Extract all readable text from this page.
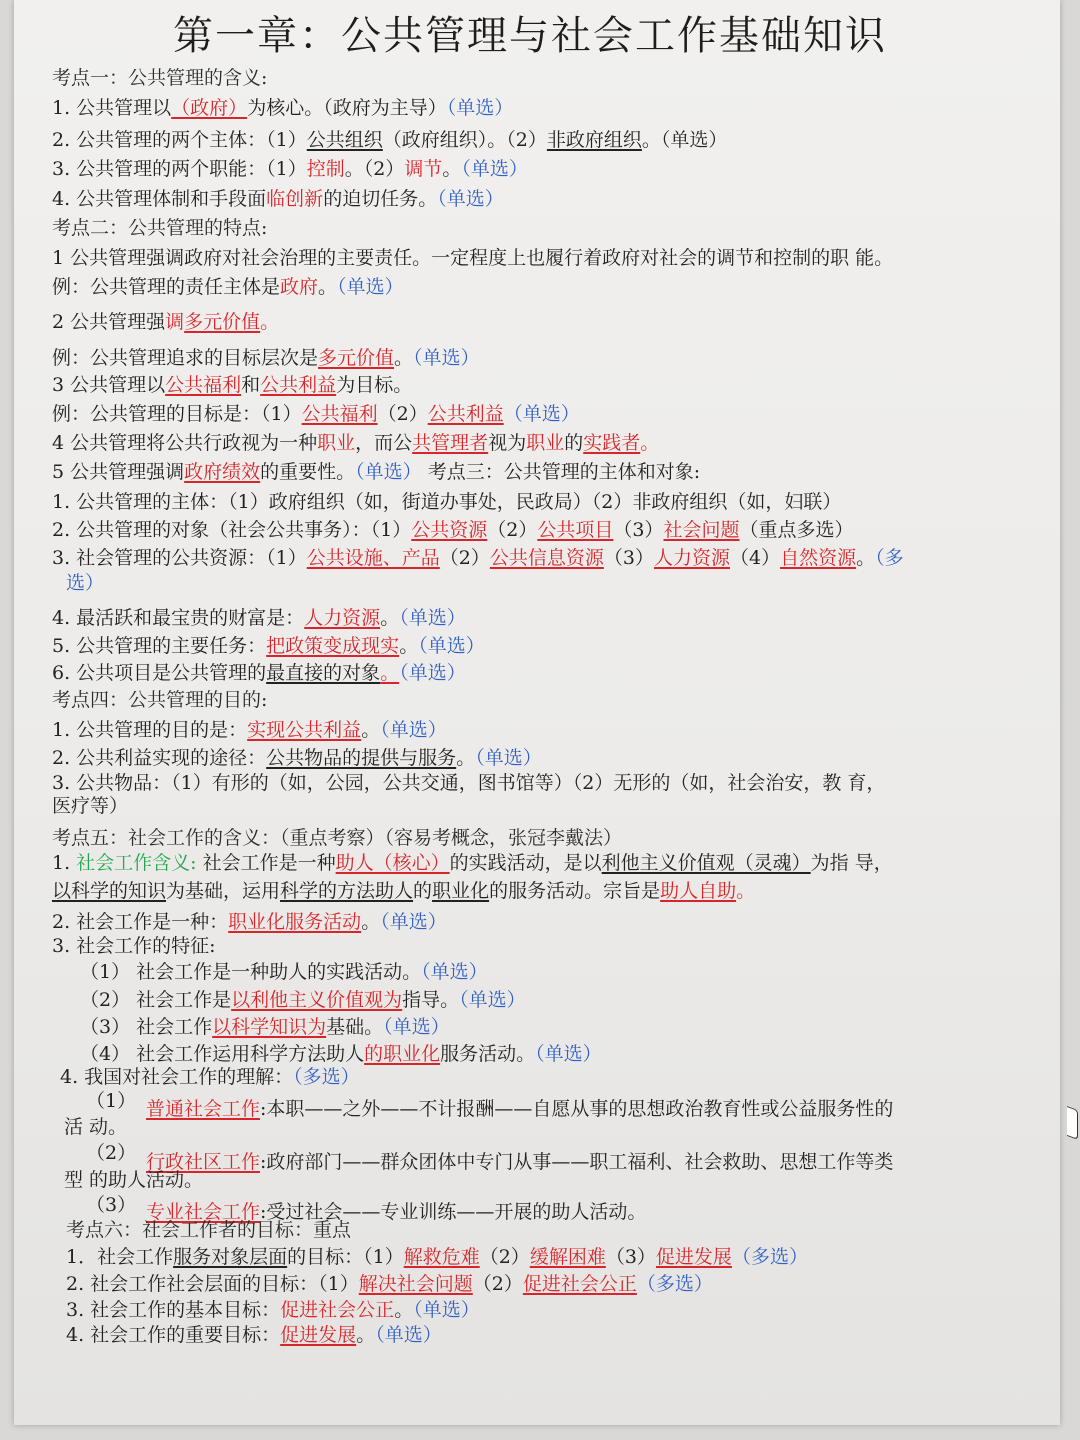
第一章：公共管理与社会工作基础知识
考点一：公共管理的含义:
1. 公共管理以（政府）为核心。（政府为主导）（单选）
2. 公共管理的两个主体：（1）公共组织（政府组织）。（2）非政府组织。（单选）
3. 公共管理的两个职能：（1）控制。（2）调节。（单选）
4. 公共管理体制和手段面临创新的迫切任务。（单选）
考点二：公共管理的特点:
1 公共管理强调政府对社会治理的主要责任。一定程度上也履行着政府对社会的调节和控制的职 能。
例：公共管理的责任主体是政府。（单选）
2 公共管理强调多元价值。
例：公共管理追求的目标层次是多元价值。（单选）
3 公共管理以公共福利和公共利益为目标。
例：公共管理的目标是：（1）公共福利（2）公共利益（单选）
4 公共管理将公共行政视为一种职业，而公共管理者视为职业的实践者。
5 公共管理强调政府绩效的重要性。（单选） 考点三：公共管理的主体和对象:
1. 公共管理的主体：（1）政府组织（如，街道办事处，民政局）（2）非政府组织（如，妇联）
2. 公共管理的对象（社会公共事务）：（1）公共资源（2）公共项目（3）社会问题（重点多选）
3. 社会管理的公共资源：（1）公共设施、产品（2）公共信息资源（3）人力资源（4）自然资源。（多
选）
4. 最活跃和最宝贵的财富是：人力资源。（单选）
5. 公共管理的主要任务：把政策变成现实。（单选）
6. 公共项目是公共管理的最直接的对象。（单选）
考点四：公共管理的目的:
1. 公共管理的目的是：实现公共利益。（单选）
2. 公共利益实现的途径：公共物品的提供与服务。（单选）
3. 公共物品：（1）有形的（如，公园，公共交通，图书馆等）（2）无形的（如，社会治安，教 育，
医疗等）
考点五：社会工作的含义：（重点考察）（容易考概念，张冠李戴法）
1. 社会工作含义: 社会工作是一种助人（核心）的实践活动，是以利他主义价值观（灵魂）为指 导，
以科学的知识为基础，运用科学的方法助人的职业化的服务活动。宗旨是助人自助。
2. 社会工作是一种：职业化服务活动。（单选）
3. 社会工作的特征:
（1） 社会工作是一种助人的实践活动。（单选）
（2） 社会工作是以利他主义价值观为指导。（单选）
（3） 社会工作以科学知识为基础。（单选）
（4） 社会工作运用科学方法助人的职业化服务活动。（单选）
4. 我国对社会工作的理解：（多选）
（1） 普通社会工作:本职——之外——不计报酬——自愿从事的思想政治教育性或公益服务性的
活 动。
（2） 行政社区工作:政府部门——群众团体中专门从事——职工福利、社会救助、思想工作等类
型 的助人活动。
（3） 专业社会工作:受过社会——专业训练——开展的助人活动。
考点六：社会工作者的目标：重点
1．社会工作服务对象层面的目标：（1）解救危难（2）缓解困难（3）促进发展（多选）
2. 社会工作社会层面的目标：（1）解决社会问题（2）促进社会公正（多选）
3. 社会工作的基本目标：促进社会公正。（单选）
4. 社会工作的重要目标：促进发展。（单选）
